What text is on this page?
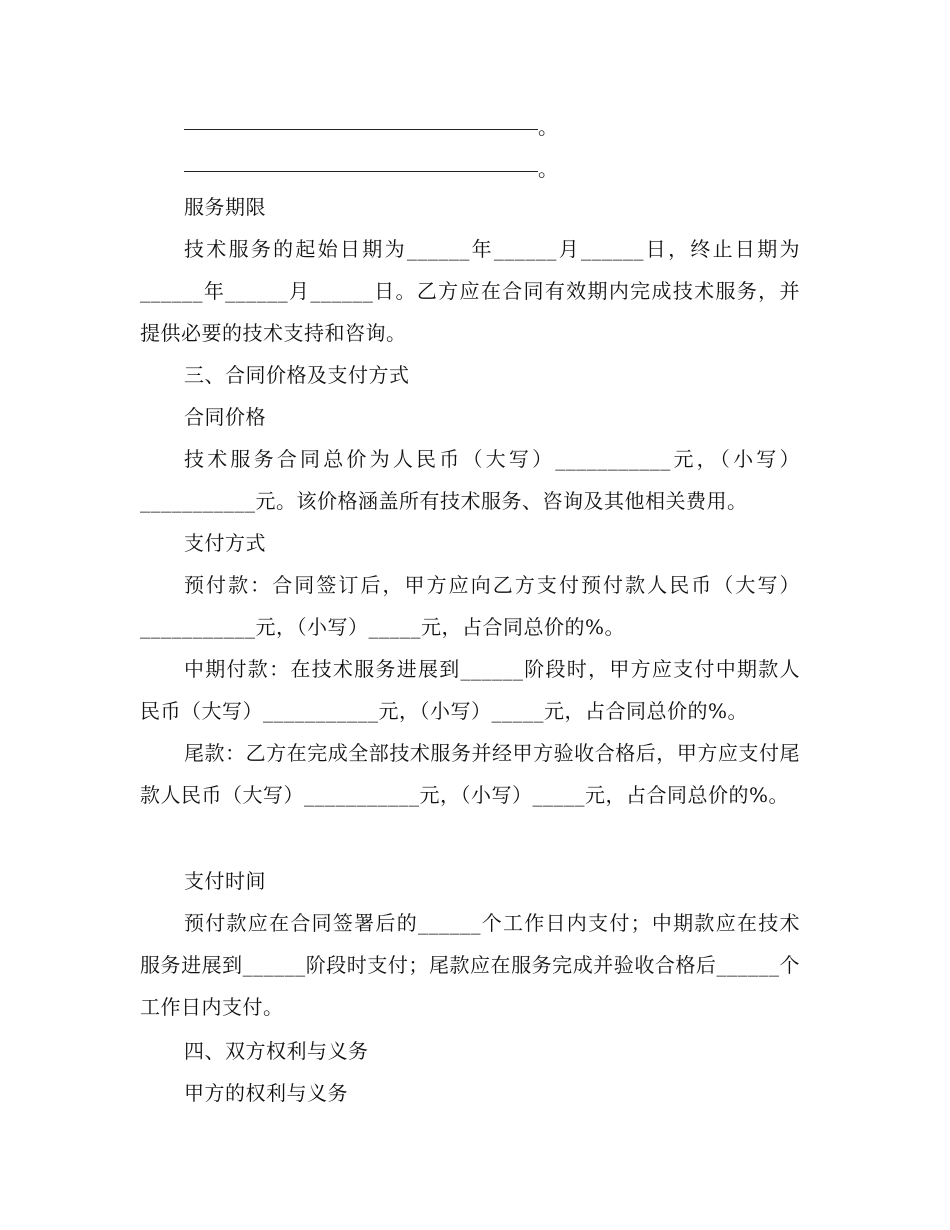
。
。
服务期限
技术服务的起始日期为______年______月______日，终止日期为______年______月______日。乙方应在合同有效期内完成技术服务，并提供必要的技术支持和咨询。
三、合同价格及支付方式
合同价格
技术服务合同总价为人民币（大写）___________元，（小写）___________元。该价格涵盖所有技术服务、咨询及其他相关费用。
支付方式
预付款：合同签订后，甲方应向乙方支付预付款人民币（大写）___________元，（小写）_____元，占合同总价的%。
中期付款：在技术服务进展到______阶段时，甲方应支付中期款人民币（大写）___________元，（小写）_____元，占合同总价的%。
尾款：乙方在完成全部技术服务并经甲方验收合格后，甲方应支付尾款人民币（大写）___________元，（小写）_____元，占合同总价的%。
支付时间
预付款应在合同签署后的______个工作日内支付；中期款应在技术服务进展到______阶段时支付；尾款应在服务完成并验收合格后______个工作日内支付。
四、双方权利与义务
甲方的权利与义务
